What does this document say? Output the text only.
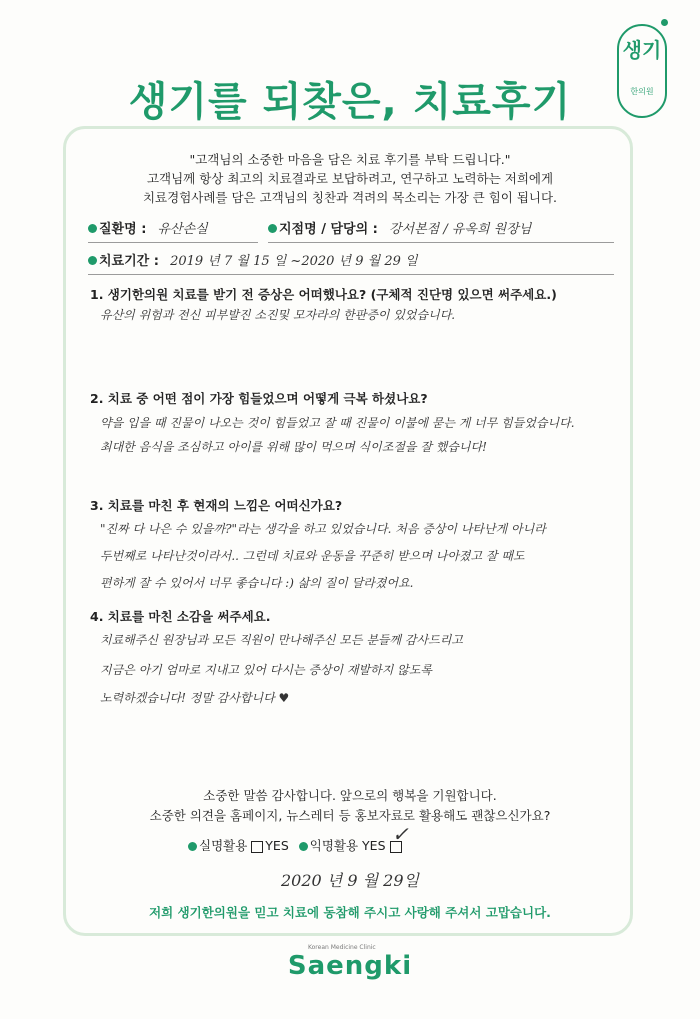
생기를 되찾은, 치료후기
생기
한의원
"고객님의 소중한 마음을 담은 치료 후기를 부탁 드립니다."
고객님께 항상 최고의 치료결과로 보답하려고, 연구하고 노력하는 저희에게
치료경험사례를 담은 고객님의 칭찬과 격려의 목소리는 가장 큰 힘이 됩니다.
질환명 : 유산손실	지점명 / 담당의 : 강서본점 / 유옥희 원장님
치료기간 : 2019 년 7 월 15 일 ~2020 년 9 월 29 일
1. 생기한의원 치료를 받기 전 증상은 어떠했나요? (구체적 진단명 있으면 써주세요.)
유산의 위험과 전신 피부발진 소진및 모자라의 한판증이 있었습니다.
2. 치료 중 어떤 점이 가장 힘들었으며 어떻게 극복 하셨나요?
약을 입을 때 진물이 나오는 것이 힘들었고 잘 때 진물이 이불에 묻는 게 너무 힘들었습니다.
최대한 음식을 조심하고 아이를 위해 많이 먹으며 식이조절을 잘 했습니다!
3. 치료를 마친 후 현재의 느낌은 어떠신가요?
"진짜 다 나은 수 있을까?"라는 생각을 하고 있었습니다. 처음 증상이 나타난게 아니라
두번째로 나타난것이라서.. 그런데 치료와 운동을 꾸준히 받으며 나아졌고 잘 때도
편하게 잘 수 있어서 너무 좋습니다 :) 삶의 질이 달라졌어요.
4. 치료를 마친 소감을 써주세요.
치료해주신 원장님과 모든 직원이 만나해주신 모든 분들께 감사드리고
지금은 아기 엄마로 지내고 있어 다시는 증상이 재발하지 않도록
노력하겠습니다! 정말 감사합니다 ♥
소중한 말씀 감사합니다. 앞으로의 행복을 기원합니다.
소중한 의견을 홈페이지, 뉴스레터 등 홍보자료로 활용해도 괜찮으신가요?
실명활용 YES 익명활용 YES ✓
2020 년 9 월 29일
저희 생기한의원을 믿고 치료에 동참해 주시고 사랑해 주셔서 고맙습니다.
Korean Medicine Clinic
Saengki
